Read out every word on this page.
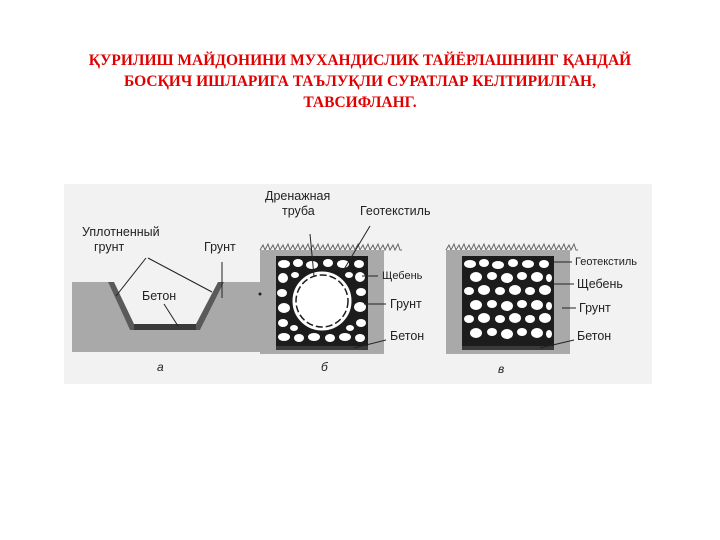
ҚУРИЛИШ МАЙДОНИНИ МУХАНДИСЛИК ТАЙЁРЛАШНИНГ ҚАНДАЙ
БОСҚИЧ ИШЛАРИГА ТАЪЛУҚЛИ СУРАТЛАР КЕЛТИРИЛГАН,
ТАВСИФЛАНГ.
Уплотненный
грунт	Грунт
Бетон
а
Дренажная
труба	Геотекстиль
Щебень
Грунт
Бетон
б
Геотекстиль
Щебень
Грунт
Бетон
в
